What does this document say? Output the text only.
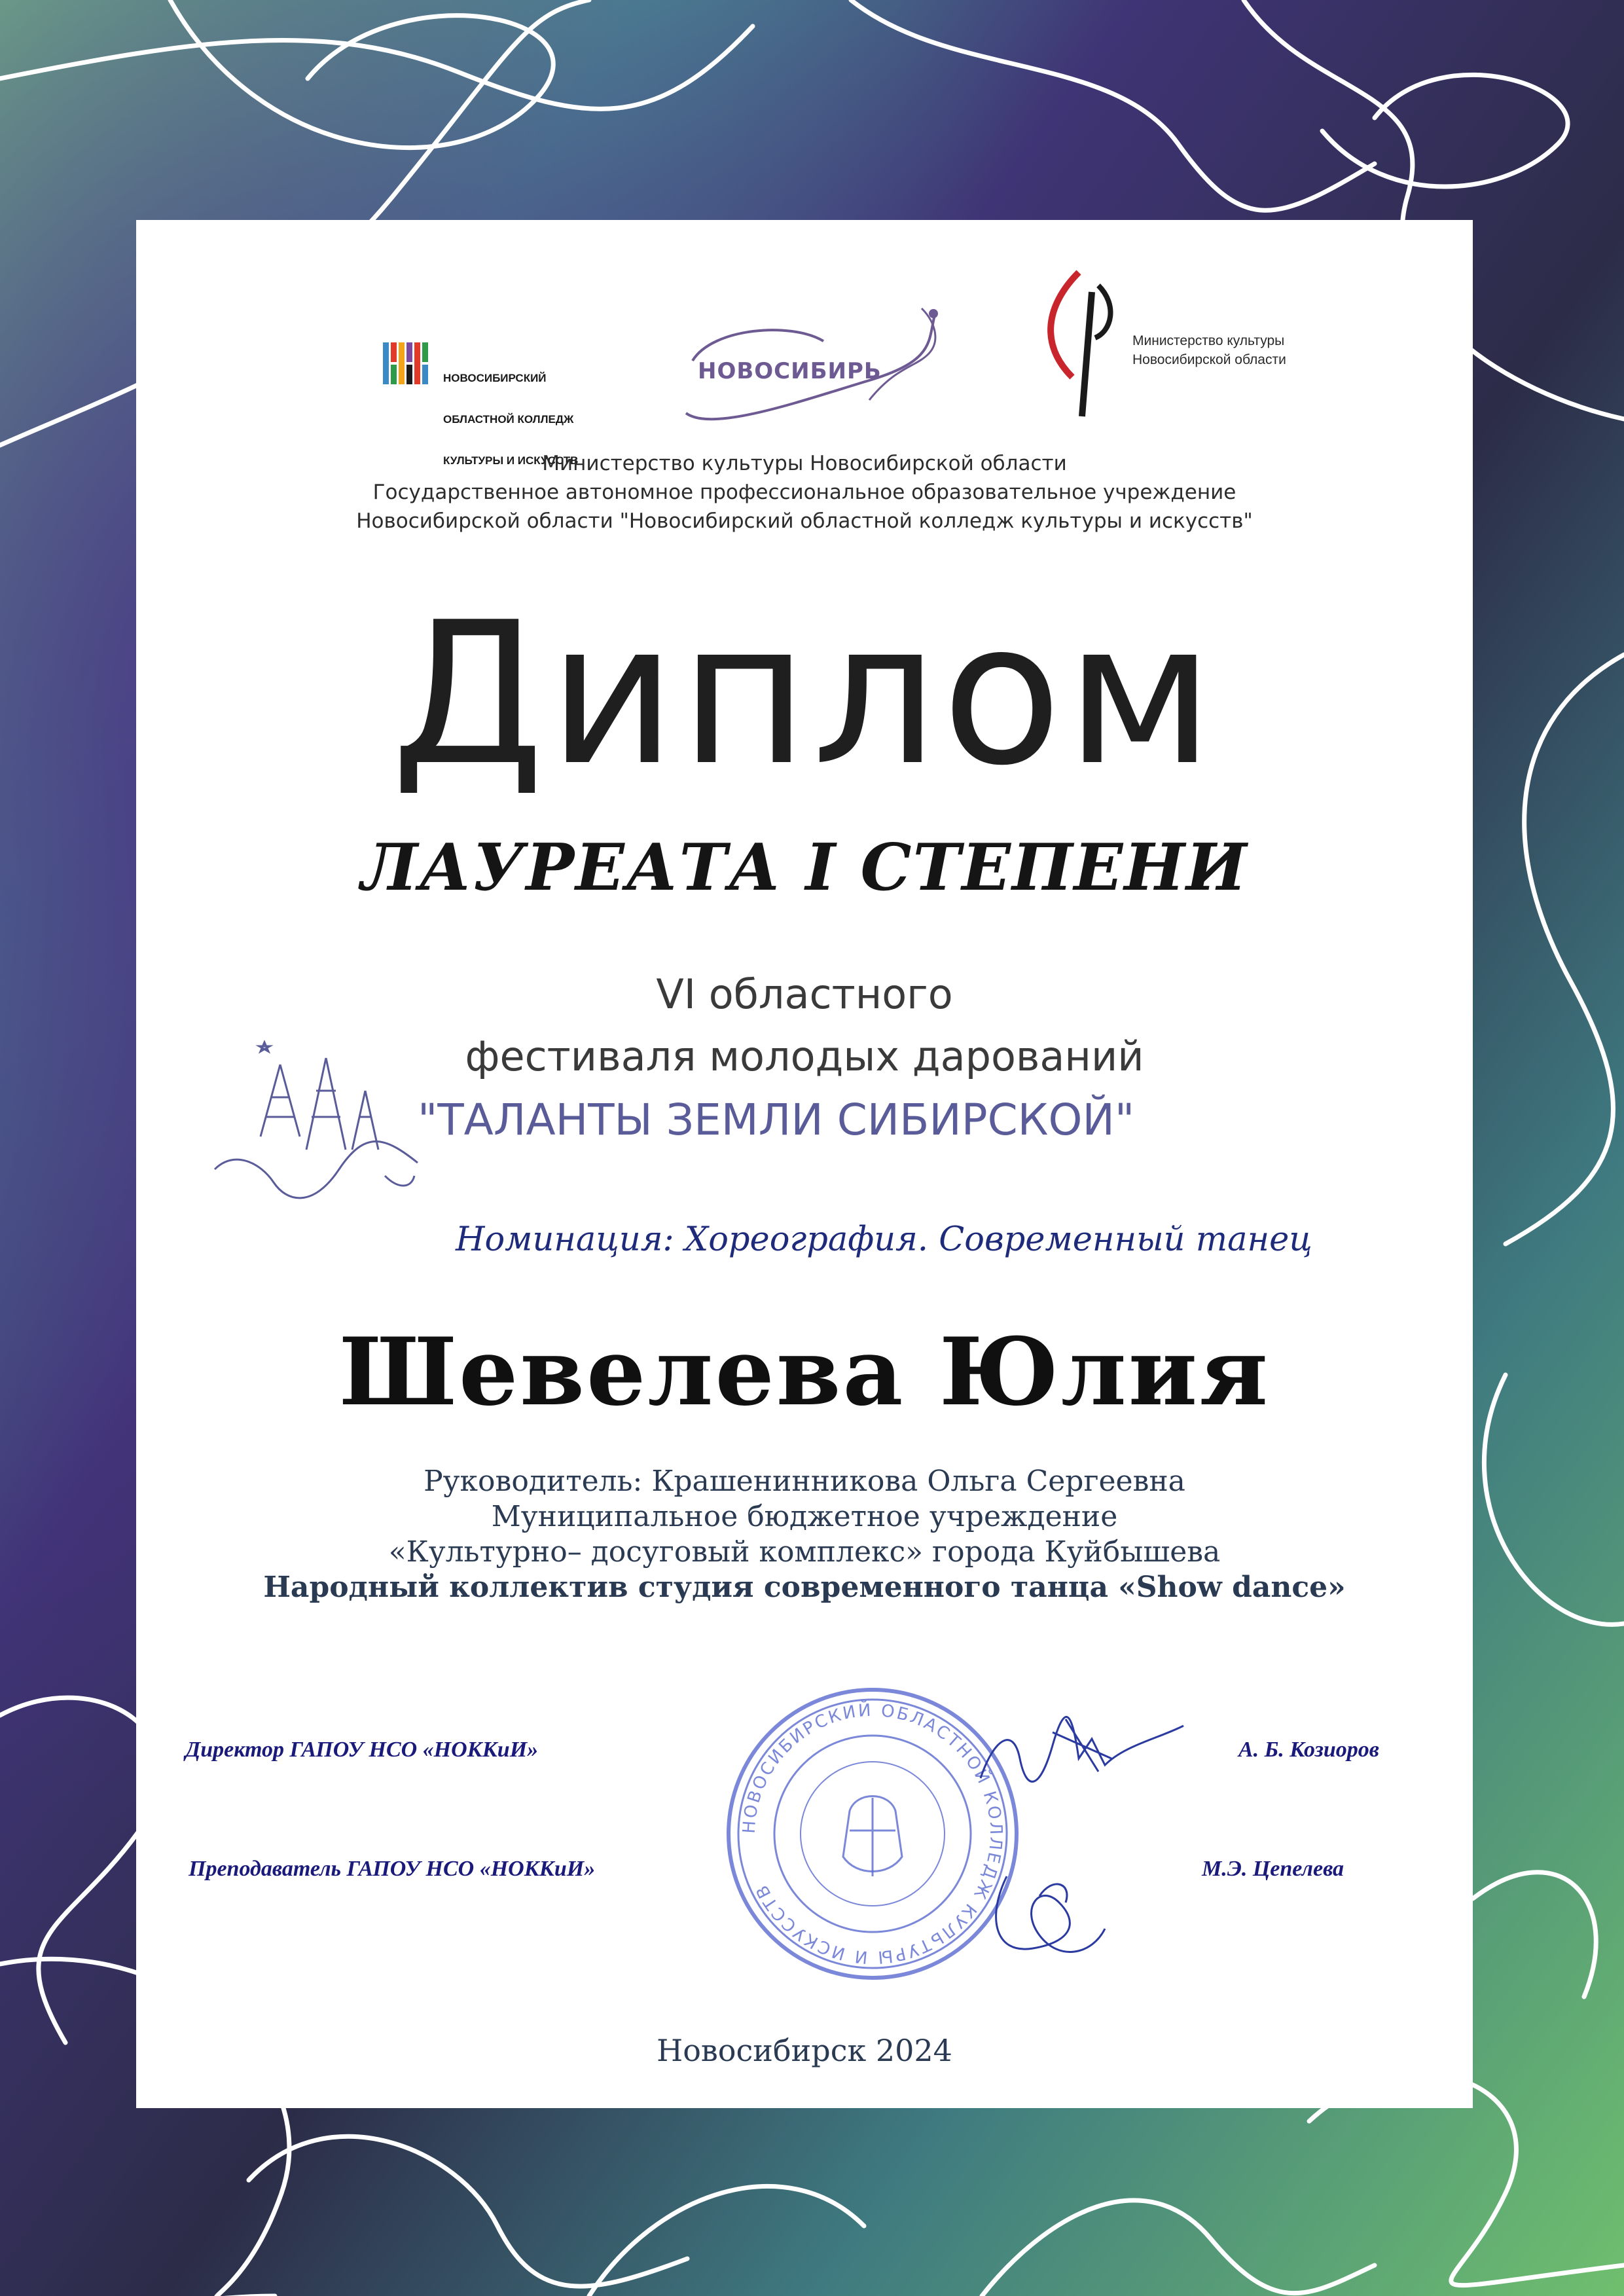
НОВОСИБИРСКИЙ

ОБЛАСТНОЙ КОЛЛЕДЖ

КУЛЬТУРЫ И ИСКУССТВ

НОВОСИБИРЬ
Министерство культуры
Новосибирской области
Министерство культуры Новосибирской области
Государственное автономное профессиональное образовательное учреждение
Новосибирской области "Новосибирский областной колледж культуры и искусств"
Диплом
ЛАУРЕАТА I СТЕПЕНИ
VI областного
фестиваля молодых дарований
"ТАЛАНТЫ ЗЕМЛИ СИБИРСКОЙ"
Номинация: Хореография. Современный танец
Шевелева Юлия
Руководитель: Крашенинникова Ольга Сергеевна
Муниципальное бюджетное учреждение
«Культурно– досуговый комплекс» города Куйбышева
Народный коллектив студия современного танца «Show dance»
НОВОСИБИРСКИЙ ОБЛАСТНОЙ КОЛЛЕДЖ КУЛЬТУРЫ И ИСКУССТВ
Директор ГАПОУ НСО «НОККиИ»	А. Б. Козиоров
Преподаватель ГАПОУ НСО «НОККиИ»	М.Э. Цепелева
Новосибирск 2024
